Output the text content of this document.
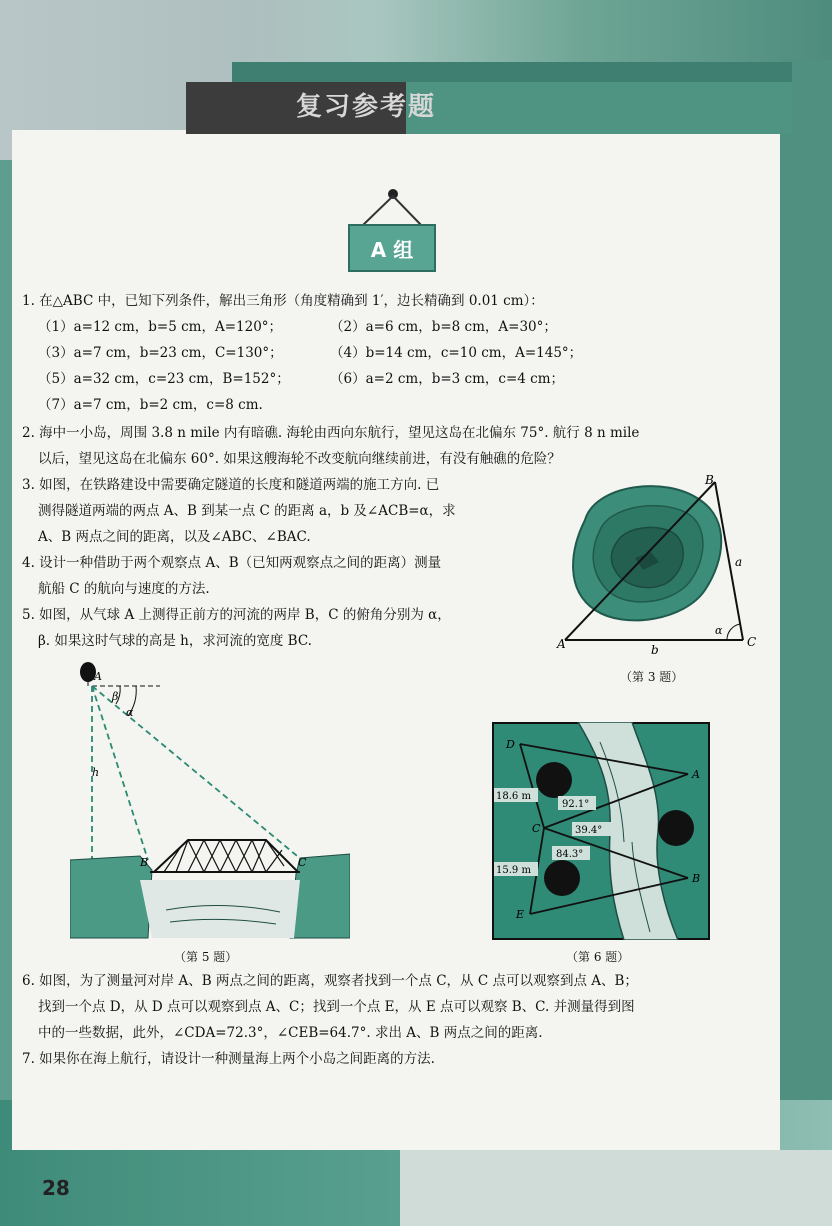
复习参考题
A 组
1. 在△ABC 中，已知下列条件，解出三角形（角度精确到 1′，边长精确到 0.01 cm）：
（1）a=12 cm，b=5 cm，A=120°；	（2）a=6 cm，b=8 cm，A=30°；
（3）a=7 cm，b=23 cm，C=130°；	（4）b=14 cm，c=10 cm，A=145°；
（5）a=32 cm，c=23 cm，B=152°；	（6）a=2 cm，b=3 cm，c=4 cm；
（7）a=7 cm，b=2 cm，c=8 cm.
2. 海中一小岛，周围 3.8 n mile 内有暗礁. 海轮由西向东航行，望见这岛在北偏东 75°. 航行 8 n mile
以后，望见这岛在北偏东 60°. 如果这艘海轮不改变航向继续前进，有没有触礁的危险？
3. 如图，在铁路建设中需要确定隧道的长度和隧道两端的施工方向. 已
测得隧道两端的两点 A、B 到某一点 C 的距离 a，b 及∠ACB=α，求
A、B 两点之间的距离，以及∠ABC、∠BAC.
4. 设计一种借助于两个观察点 A、B（已知两观察点之间的距离）测量
航船 C 的航向与速度的方法.
5. 如图，从气球 A 上测得正前方的河流的两岸 B，C 的俯角分别为 α，
β. 如果这时气球的高是 h，求河流的宽度 BC.	A
B
C
a
b
α
（第 3 题）
A
β
α
h
B	C
（第 5 题）
D
A
C
B
E
18.6 m
15.9 m
92.1°
39.4°
84.3°
（第 6 题）
6. 如图，为了测量河对岸 A、B 两点之间的距离，观察者找到一个点 C，从 C 点可以观察到点 A、B；
找到一个点 D，从 D 点可以观察到点 A、C；找到一个点 E，从 E 点可以观察 B、C. 并测量得到图
中的一些数据，此外，∠CDA=72.3°，∠CEB=64.7°. 求出 A、B 两点之间的距离.
7. 如果你在海上航行，请设计一种测量海上两个小岛之间距离的方法.
28
